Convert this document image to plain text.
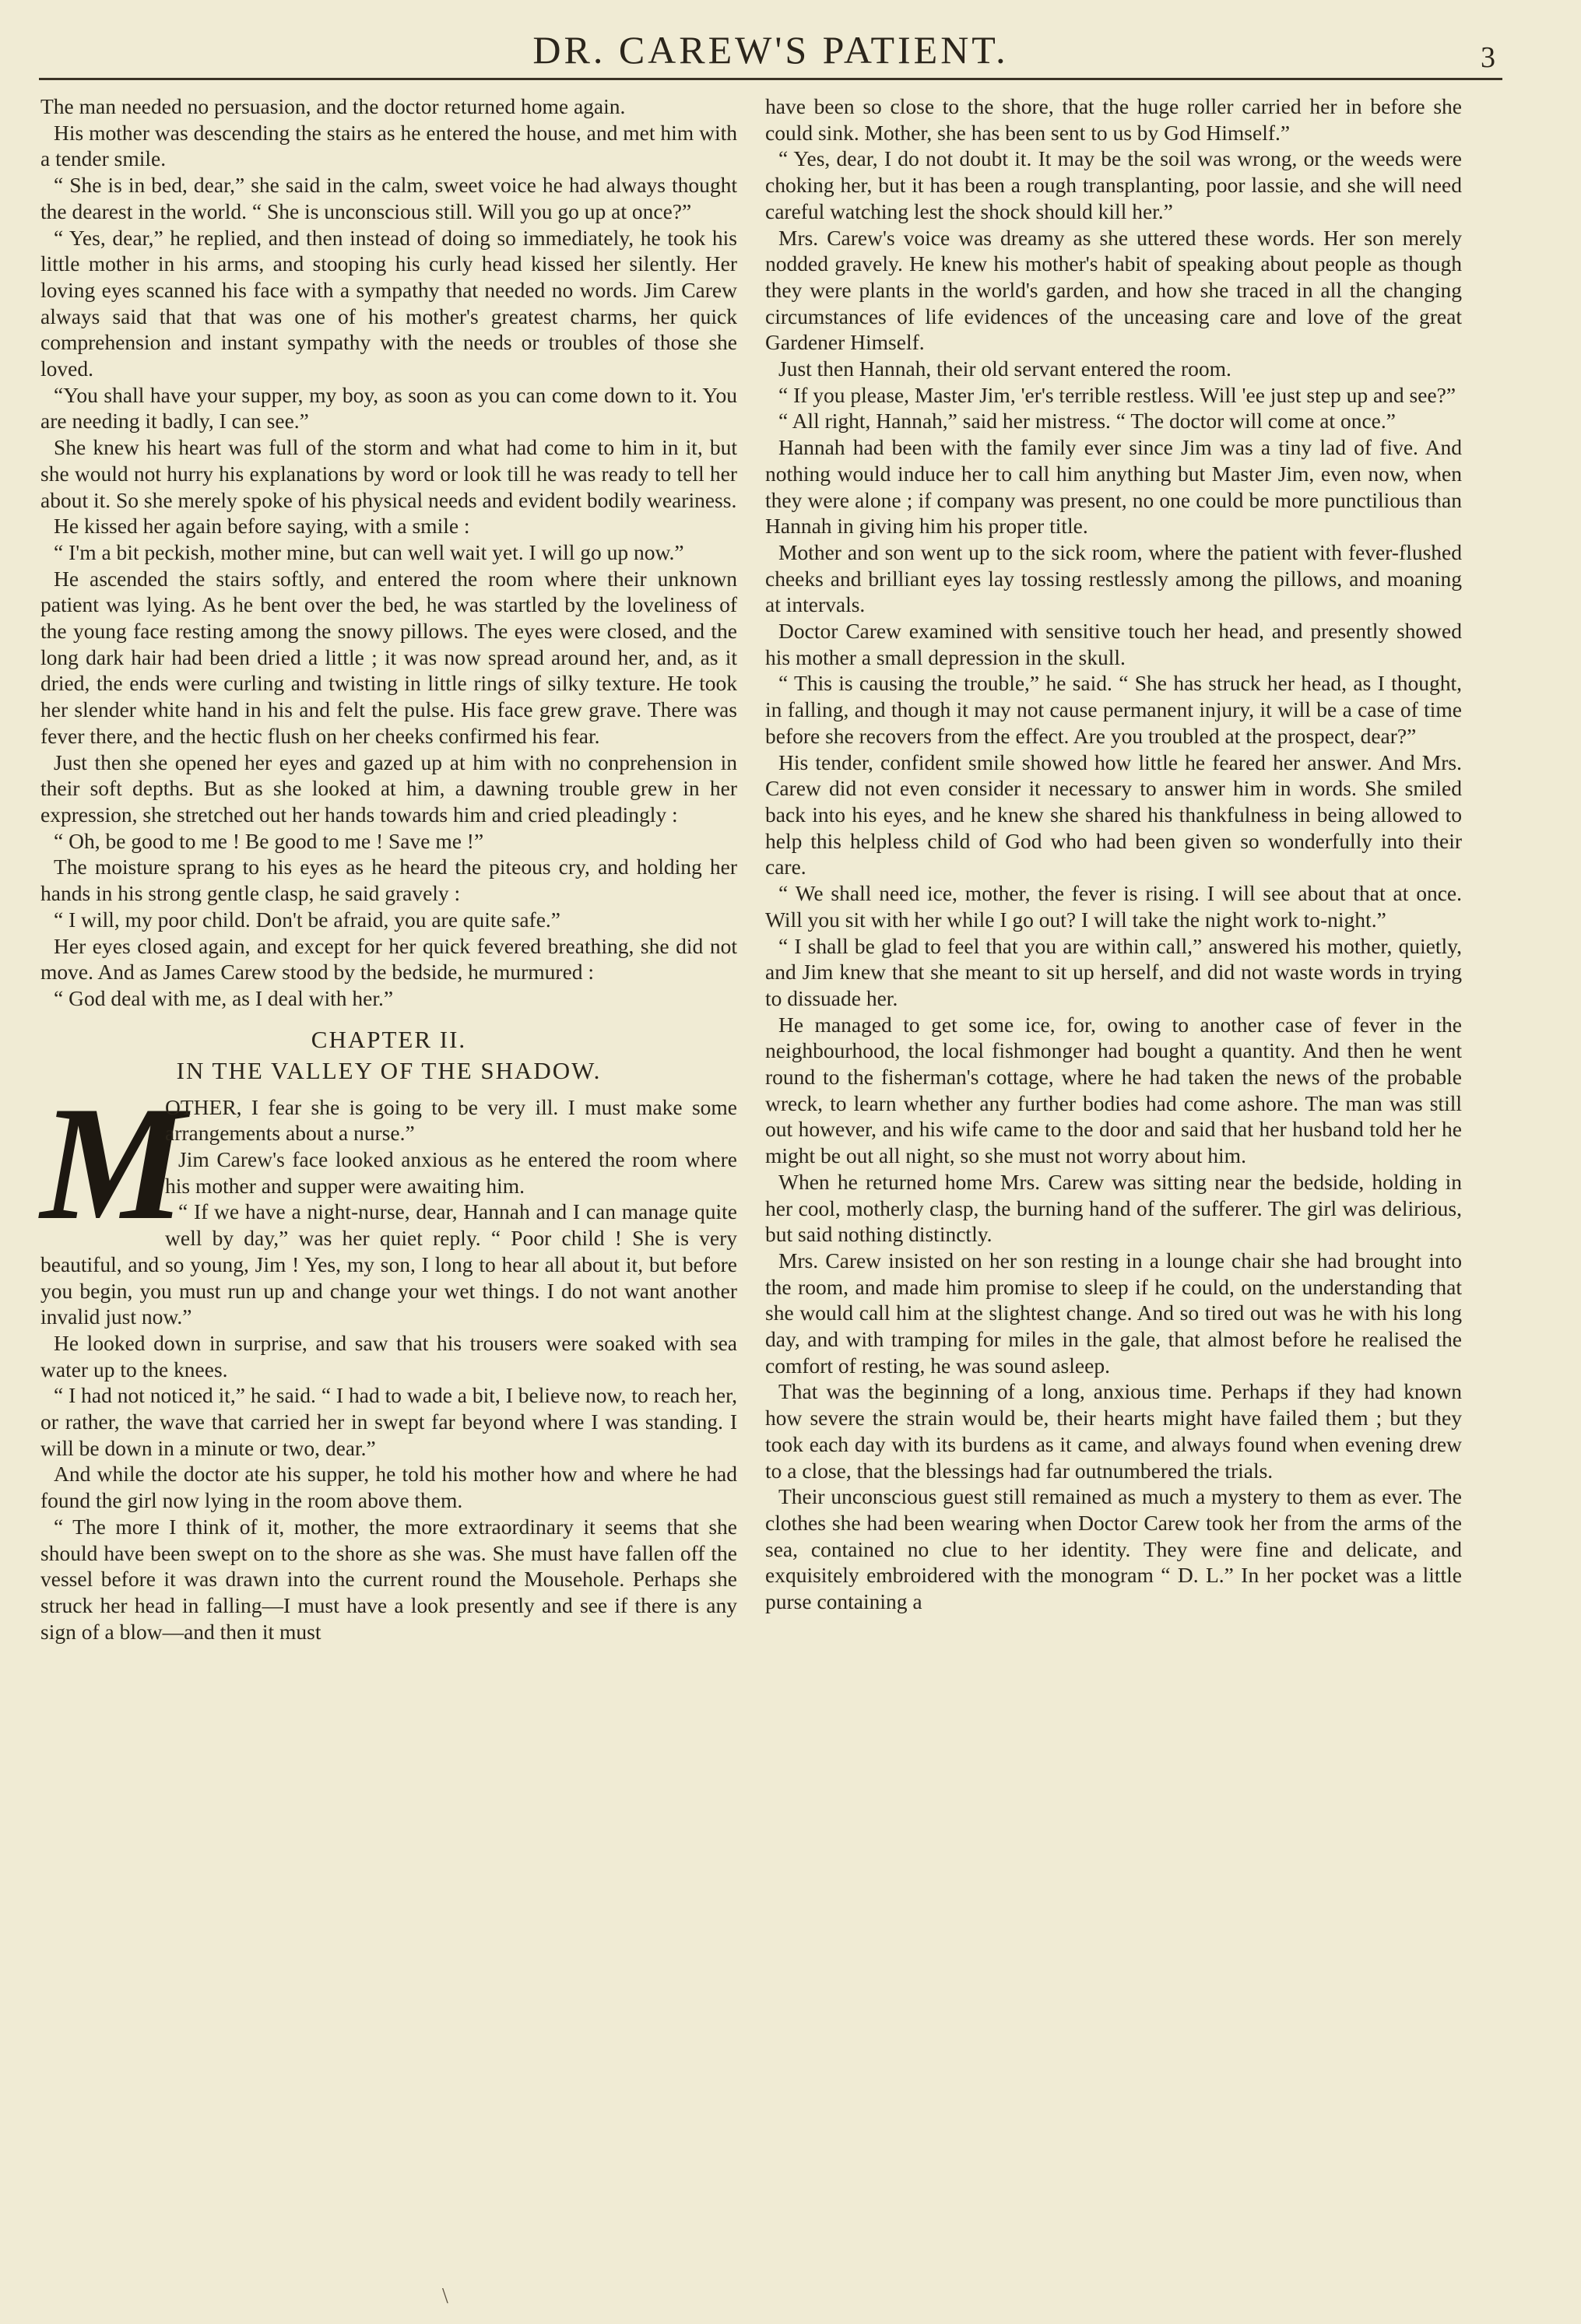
DR. CAREW'S PATIENT.	3

The man needed no persuasion, and the doctor returned home again.

His mother was descending the stairs as he entered the house, and met him with a tender smile.

“ She is in bed, dear,” she said in the calm, sweet voice he had always thought the dearest in the world. “ She is unconscious still. Will you go up at once?”

“ Yes, dear,” he replied, and then instead of doing so immediately, he took his little mother in his arms, and stooping his curly head kissed her silently. Her loving eyes scanned his face with a sympathy that needed no words. Jim Carew always said that that was one of his mother's greatest charms, her quick comprehension and instant sympathy with the needs or troubles of those she loved.

“You shall have your supper, my boy, as soon as you can come down to it. You are needing it badly, I can see.”

She knew his heart was full of the storm and what had come to him in it, but she would not hurry his explanations by word or look till he was ready to tell her about it. So she merely spoke of his physical needs and evident bodily weariness.

He kissed her again before saying, with a smile :

“ I'm a bit peckish, mother mine, but can well wait yet. I will go up now.”

He ascended the stairs softly, and entered the room where their unknown patient was lying. As he bent over the bed, he was startled by the loveliness of the young face resting among the snowy pillows. The eyes were closed, and the long dark hair had been dried a little ; it was now spread around her, and, as it dried, the ends were curling and twisting in little rings of silky texture. He took her slender white hand in his and felt the pulse. His face grew grave. There was fever there, and the hectic flush on her cheeks confirmed his fear.

Just then she opened her eyes and gazed up at him with no conprehension in their soft depths. But as she looked at him, a dawning trouble grew in her expression, she stretched out her hands towards him and cried pleadingly :

“ Oh, be good to me ! Be good to me ! Save me !”

The moisture sprang to his eyes as he heard the piteous cry, and holding her hands in his strong gentle clasp, he said gravely :

“ I will, my poor child. Don't be afraid, you are quite safe.”

Her eyes closed again, and except for her quick fevered breathing, she did not move. And as James Carew stood by the bedside, he murmured :

“ God deal with me, as I deal with her.”

CHAPTER II.

IN THE VALLEY OF THE SHADOW.

M
OTHER, I fear she is going to be very ill. I must make some arrangements about a nurse.”

Jim Carew's face looked anxious as he entered the room where his mother and supper were awaiting him.

“ If we have a night-nurse, dear, Hannah and I can manage quite well by day,” was her quiet reply. “ Poor child ! She is very beautiful, and so young, Jim ! Yes, my son, I long to hear all about it, but before you begin, you must run up and change your wet things. I do not want another invalid just now.”

He looked down in surprise, and saw that his trousers were soaked with sea water up to the knees.

“ I had not noticed it,” he said. “ I had to wade a bit, I believe now, to reach her, or rather, the wave that carried her in swept far beyond where I was standing. I will be down in a minute or two, dear.”

And while the doctor ate his supper, he told his mother how and where he had found the girl now lying in the room above them.

“ The more I think of it, mother, the more extraordinary it seems that she should have been swept on to the shore as she was. She must have fallen off the vessel before it was drawn into the current round the Mousehole. Perhaps she struck her head in falling—I must have a look presently and see if there is any sign of a blow—and then it must

have been so close to the shore, that the huge roller carried her in before she could sink. Mother, she has been sent to us by God Himself.”

“ Yes, dear, I do not doubt it. It may be the soil was wrong, or the weeds were choking her, but it has been a rough transplanting, poor lassie, and she will need careful watching lest the shock should kill her.”

Mrs. Carew's voice was dreamy as she uttered these words. Her son merely nodded gravely. He knew his mother's habit of speaking about people as though they were plants in the world's garden, and how she traced in all the changing circumstances of life evidences of the unceasing care and love of the great Gardener Himself.

Just then Hannah, their old servant entered the room.

“ If you please, Master Jim, 'er's terrible restless. Will 'ee just step up and see?”

“ All right, Hannah,” said her mistress. “ The doctor will come at once.”

Hannah had been with the family ever since Jim was a tiny lad of five. And nothing would induce her to call him anything but Master Jim, even now, when they were alone ; if company was present, no one could be more punctilious than Hannah in giving him his proper title.

Mother and son went up to the sick room, where the patient with fever-flushed cheeks and brilliant eyes lay tossing restlessly among the pillows, and moaning at intervals.

Doctor Carew examined with sensitive touch her head, and presently showed his mother a small depression in the skull.

“ This is causing the trouble,” he said. “ She has struck her head, as I thought, in falling, and though it may not cause permanent injury, it will be a case of time before she recovers from the effect. Are you troubled at the prospect, dear?”

His tender, confident smile showed how little he feared her answer. And Mrs. Carew did not even consider it necessary to answer him in words. She smiled back into his eyes, and he knew she shared his thankfulness in being allowed to help this helpless child of God who had been given so wonderfully into their care.

“ We shall need ice, mother, the fever is rising. I will see about that at once. Will you sit with her while I go out? I will take the night work to-night.”

“ I shall be glad to feel that you are within call,” answered his mother, quietly, and Jim knew that she meant to sit up herself, and did not waste words in trying to dissuade her.

He managed to get some ice, for, owing to another case of fever in the neighbourhood, the local fishmonger had bought a quantity. And then he went round to the fisherman's cottage, where he had taken the news of the probable wreck, to learn whether any further bodies had come ashore. The man was still out however, and his wife came to the door and said that her husband told her he might be out all night, so she must not worry about him.

When he returned home Mrs. Carew was sitting near the bedside, holding in her cool, motherly clasp, the burning hand of the sufferer. The girl was delirious, but said nothing distinctly.

Mrs. Carew insisted on her son resting in a lounge chair she had brought into the room, and made him promise to sleep if he could, on the understanding that she would call him at the slightest change. And so tired out was he with his long day, and with tramping for miles in the gale, that almost before he realised the comfort of resting, he was sound asleep.

That was the beginning of a long, anxious time. Perhaps if they had known how severe the strain would be, their hearts might have failed them ; but they took each day with its burdens as it came, and always found when evening drew to a close, that the blessings had far outnumbered the trials.

Their unconscious guest still remained as much a mystery to them as ever. The clothes she had been wearing when Doctor Carew took her from the arms of the sea, contained no clue to her identity. They were fine and delicate, and exquisitely embroidered with the monogram “ D. L.” In her pocket was a little purse containing a

\
